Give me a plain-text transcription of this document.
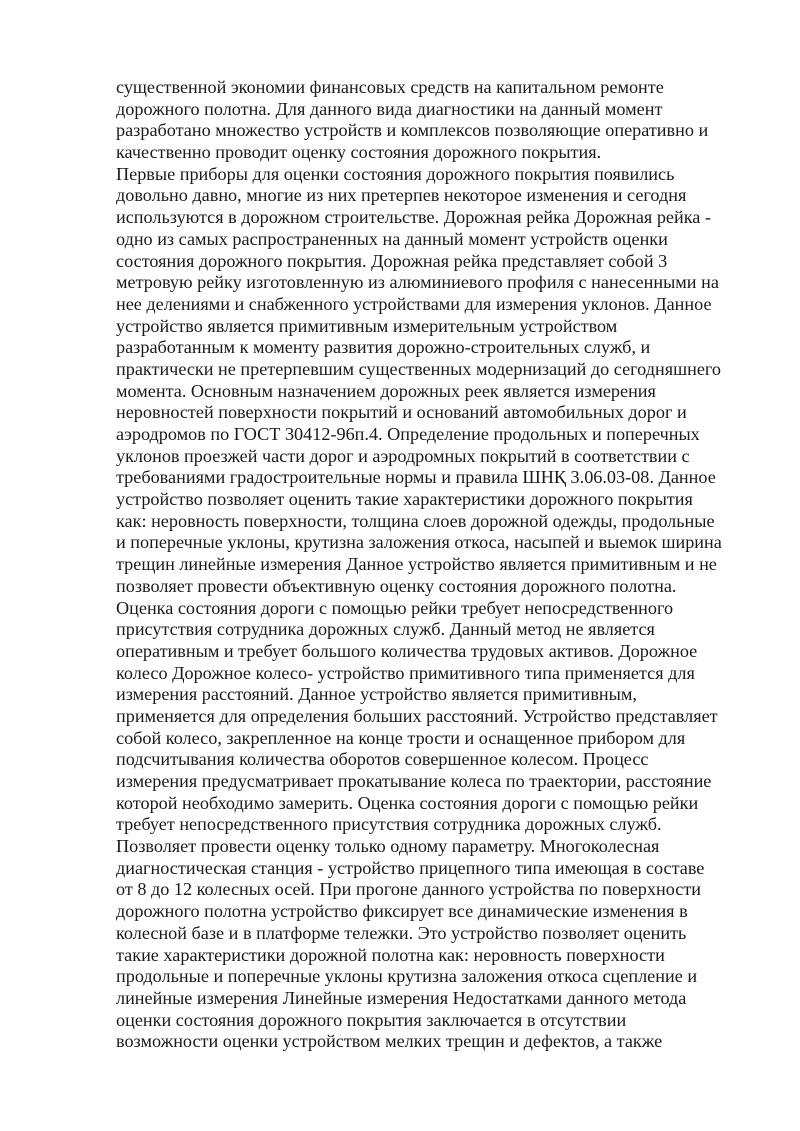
существенной экономии финансовых средств на капитальном ремонте
дорожного полотна. Для данного вида диагностики на данный момент
разработано множество устройств и комплексов позволяющие оперативно и
качественно проводит оценку состояния дорожного покрытия.
Первые приборы для оценки состояния дорожного покрытия появились
довольно давно, многие из них претерпев некоторое изменения и сегодня
используются в дорожном строительстве. Дорожная рейка Дорожная рейка -
одно из самых распространенных на данный момент устройств оценки
состояния дорожного покрытия. Дорожная рейка представляет собой 3
метровую рейку изготовленную из алюминиевого профиля с нанесенными на
нее делениями и снабженного устройствами для измерения уклонов. Данное
устройство является примитивным измерительным устройством
разработанным к моменту развития дорожно-строительных служб, и
практически не претерпевшим существенных модернизаций до сегодняшнего
момента. Основным назначением дорожных реек является измерения
неровностей поверхности покрытий и оснований автомобильных дорог и
аэродромов по ГОСТ 30412-96п.4. Определение продольных и поперечных
уклонов проезжей части дорог и аэродромных покрытий в соответствии с
требованиями градостроительные нормы и правила ШНҚ 3.06.03-08. Данное
устройство позволяет оценить такие характеристики дорожного покрытия
как: неровность поверхности, толщина слоев дорожной одежды, продольные
и поперечные уклоны, крутизна заложения откоса, насыпей и выемок ширина
трещин линейные измерения Данное устройство является примитивным и не
позволяет провести объективную оценку состояния дорожного полотна.
Оценка состояния дороги с помощью рейки требует непосредственного
присутствия сотрудника дорожных служб. Данный метод не является
оперативным и требует большого количества трудовых активов. Дорожное
колесо Дорожное колесо- устройство примитивного типа применяется для
измерения расстояний. Данное устройство является примитивным,
применяется для определения больших расстояний. Устройство представляет
собой колесо, закрепленное на конце трости и оснащенное прибором для
подсчитывания количества оборотов совершенное колесом. Процесс
измерения предусматривает прокатывание колеса по траектории, расстояние
которой необходимо замерить. Оценка состояния дороги с помощью рейки
требует непосредственного присутствия сотрудника дорожных служб.
Позволяет провести оценку только одному параметру. Многоколесная
диагностическая станция - устройство прицепного типа имеющая в составе
от 8 до 12 колесных осей. При прогоне данного устройства по поверхности
дорожного полотна устройство фиксирует все динамические изменения в
колесной базе и в платформе тележки. Это устройство позволяет оценить
такие характеристики дорожной полотна как: неровность поверхности
продольные и поперечные уклоны крутизна заложения откоса сцепление и
линейные измерения Линейные измерения Недостатками данного метода
оценки состояния дорожного покрытия заключается в отсутствии
возможности оценки устройством мелких трещин и дефектов, а также
